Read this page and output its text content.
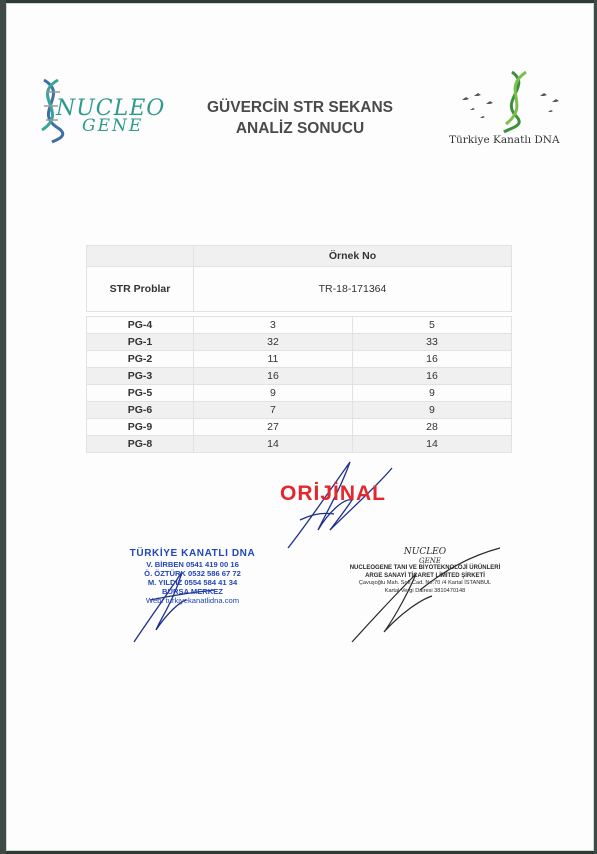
NUCLEO
GENE
GÜVERCİN STR SEKANS
ANALİZ SONUCU
Türkiye Kanatlı DNA
	Örnek No	
STR Problar	TR-18-171364	

PG-4	3	5
PG-1	32	33
PG-2	11	16
PG-3	16	16
PG-5	9	9
PG-6	7	9
PG-9	27	28
PG-8	14	14
ORİJİNAL
TÜRKİYE KANATLI DNA
V. BİRBEN 0541 419 00 16
Ö. ÖZTÜRK 0532 586 67 72
M. YILDIZ 0554 584 41 34
BURSA MERKEZ
Web: turkiyekanatlidna.com
NUCLEO
GENE
NUCLEOGENE TANI VE BİYOTEKNOLOJİ ÜRÜNLERİ
ARGE SANAYİ TİCARET LİMİTED ŞİRKETİ
Çavuşoğlu Mah. Sofi Cad. No:70 /4 Kartal İSTANBUL
Kartal Vergi Dairesi 3810470148
